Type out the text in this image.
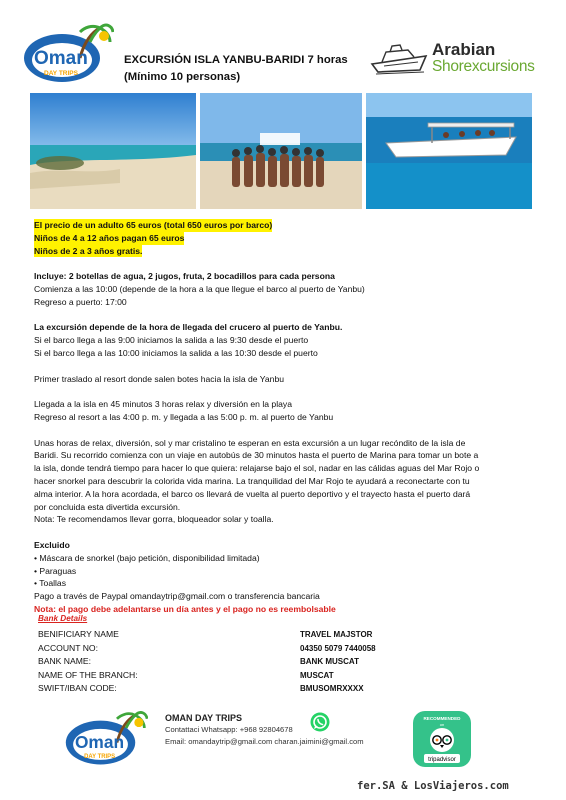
Oman
DAY TRIPS
EXCURSIÓN ISLA YANBU-BARIDI 7 horas
(Mínimo 10 personas)
Arabian
Shorexcursions
El precio de un adulto 65 euros (total 650 euros por barco)
Niños de 4 a 12 años pagan 65 euros
Niños de 2 a 3 años gratis.
Incluye: 2 botellas de agua, 2 jugos, fruta, 2 bocadillos para cada persona
Comienza a las 10:00 (depende de la hora a la que llegue el barco al puerto de Yanbu)
Regreso a puerto: 17:00
La excursión depende de la hora de llegada del crucero al puerto de Yanbu.
Si el barco llega a las 9:00 iniciamos la salida a las 9:30 desde el puerto
Si el barco llega a las 10:00 iniciamos la salida a las 10:30 desde el puerto
Primer traslado al resort donde salen botes hacia la isla de Yanbu
Llegada a la isla en 45 minutos 3 horas relax y diversión en la playa
Regreso al resort a las 4:00 p. m. y llegada a las 5:00 p. m. al puerto de Yanbu
Unas horas de relax, diversión, sol y mar cristalino te esperan en esta excursión a un lugar recóndito de la isla de
Baridi. Su recorrido comienza con un viaje en autobús de 30 minutos hasta el puerto de Marina para tomar un bote a
la isla, donde tendrá tiempo para hacer lo que quiera: relajarse bajo el sol, nadar en las cálidas aguas del Mar Rojo o
hacer snorkel para descubrir la colorida vida marina. La tranquilidad del Mar Rojo te ayudará a reconectarte con tu
alma interior. A la hora acordada, el barco os llevará de vuelta al puerto deportivo y el trayecto hasta el puerto dará
por concluida esta divertida excursión.
Nota: Te recomendamos llevar gorra, bloqueador solar y toalla.
Excluido
• Máscara de snorkel (bajo petición, disponibilidad limitada)
• Paraguas
• Toallas
Pago a través de Paypal omandaytrip@gmail.com o transferencia bancaria
Nota: el pago debe adelantarse un día antes y el pago no es reembolsable
Bank Details
BENIFICIARY NAME	TRAVEL MAJSTOR
ACCOUNT NO:	04350 5079 7440058
BANK NAME:	BANK MUSCAT
NAME OF THE BRANCH:	MUSCAT
SWIFT/IBAN CODE:	BMUSOMRXXXX
Oman
DAY TRIPS
OMAN DAY TRIPS
Contattaci Whatsapp: +968 92804678
Email: omandaytrip@gmail.com charan.jaimini@gmail.com
RECOMMENDED
on
tripadvisor
fer.SA & LosViajeros.com
